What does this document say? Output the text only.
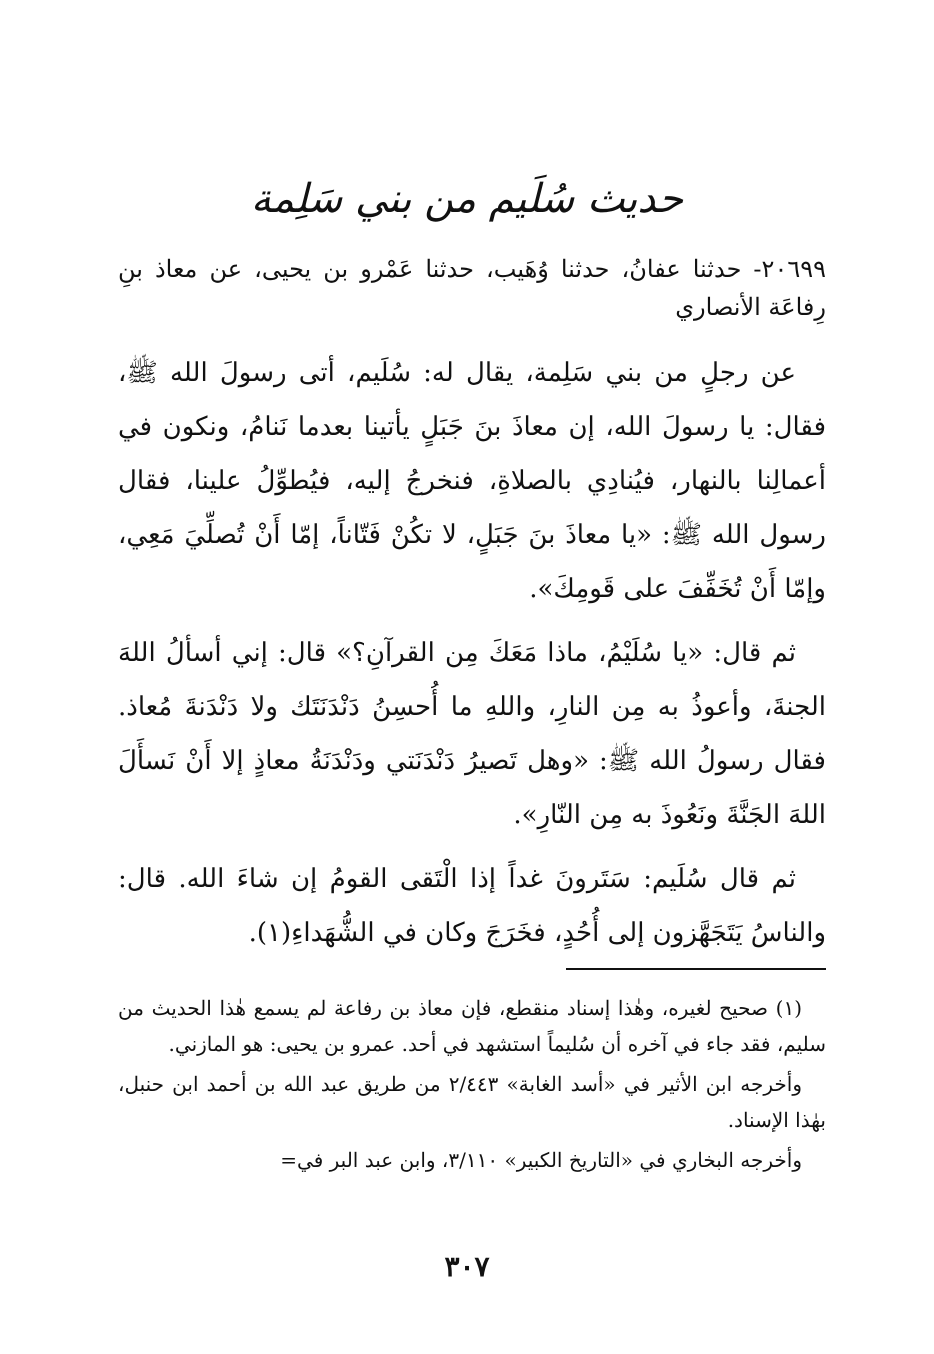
حديث سُلَيم من بني سَلِمة

٢٠٦٩٩- حدثنا عفانُ، حدثنا وُهَيب، حدثنا عَمْرو بن يحيى، عن معاذ بنِ رِفاعَة الأنصاري

عن رجلٍ من بني سَلِمة، يقال له: سُلَيم، أتى رسولَ الله ﷺ، فقال: يا رسولَ الله، إن معاذَ بنَ جَبَلٍ يأتينا بعدما نَنامُ، ونكون في أعمالِنا بالنهار، فيُنادِي بالصلاةِ، فنخرجُ إليه، فيُطوِّلُ علينا، فقال رسول الله ﷺ: «يا معاذَ بنَ جَبَلٍ، لا تكُنْ فَتّاناً، إمّا أَنْ تُصلِّيَ مَعِي، وإمّا أَنْ تُخَفِّفَ على قَومِكَ».

ثم قال: «يا سُلَيْمُ، ماذا مَعَكَ مِن القرآنِ؟» قال: إني أسألُ اللهَ الجنةَ، وأعوذُ به مِن النارِ، واللهِ ما أُحسِنُ دَنْدَنَتَك ولا دَنْدَنةَ مُعاذ. فقال رسولُ الله ﷺ: «وهل تَصيرُ دَنْدَنَتي ودَنْدَنَةُ معاذٍ إلا أَنْ نَسأَلَ اللهَ الجَنَّةَ ونَعُوذَ به مِن النّارِ».

ثم قال سُلَيم: سَتَرونَ غداً إذا الْتَقى القومُ إن شاءَ الله. قال: والناسُ يَتَجَهَّزون إلى أُحُدٍ، فخَرَجَ وكان في الشُّهَداءِ(١).

(١) صحيح لغيره، وهٰذا إسناد منقطع، فإن معاذ بن رفاعة لم يسمع هٰذا الحديث من سليم، فقد جاء في آخره أن سُليماً استشهد في أحد. عمرو بن يحيى: هو المازني.

وأخرجه ابن الأثير في «أسد الغابة» ٢/٤٤٣ من طريق عبد الله بن أحمد ابن حنبل، بهٰذا الإسناد.

وأخرجه البخاري في «التاريخ الكبير» ٣/١١٠، وابن عبد البر في=

٣٠٧
